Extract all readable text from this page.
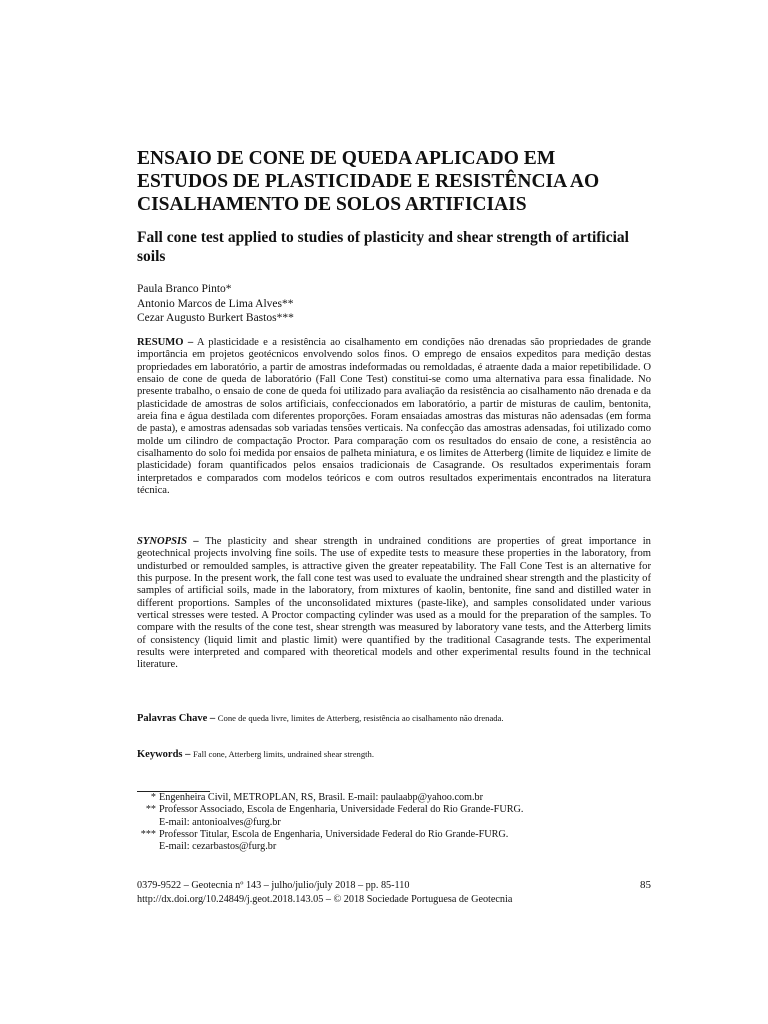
ENSAIO DE CONE DE QUEDA APLICADO EM ESTUDOS DE PLASTICIDADE E RESISTÊNCIA AO CISALHAMENTO DE SOLOS ARTIFICIAIS
Fall cone test applied to studies of plasticity and shear strength of artificial soils
Paula Branco Pinto*
Antonio Marcos de Lima Alves**
Cezar Augusto Burkert Bastos***

RESUMO – A plasticidade e a resistência ao cisalhamento em condições não drenadas são propriedades de grande importância em projetos geotécnicos envolvendo solos finos. O emprego de ensaios expeditos para medição destas propriedades em laboratório, a partir de amostras indeformadas ou remoldadas, é atraente dada a maior repetibilidade. O ensaio de cone de queda de laboratório (Fall Cone Test) constitui-se como uma alternativa para essa finalidade. No presente trabalho, o ensaio de cone de queda foi utilizado para avaliação da resistência ao cisalhamento não drenada e da plasticidade de amostras de solos artificiais, confeccionados em laboratório, a partir de misturas de caulim, bentonita, areia fina e água destilada com diferentes proporções. Foram ensaiadas amostras das misturas não adensadas (em forma de pasta), e amostras adensadas sob variadas tensões verticais. Na confecção das amostras adensadas, foi utilizado como molde um cilindro de compactação Proctor. Para comparação com os resultados do ensaio de cone, a resistência ao cisalhamento do solo foi medida por ensaios de palheta miniatura, e os limites de Atterberg (limite de liquidez e limite de plasticidade) foram quantificados pelos ensaios tradicionais de Casagrande. Os resultados experimentais foram interpretados e comparados com modelos teóricos e com outros resultados experimentais encontrados na literatura técnica.

SYNOPSIS – The plasticity and shear strength in undrained conditions are properties of great importance in geotechnical projects involving fine soils. The use of expedite tests to measure these properties in the laboratory, from undisturbed or remoulded samples, is attractive given the greater repeatability. The Fall Cone Test is an alternative for this purpose. In the present work, the fall cone test was used to evaluate the undrained shear strength and the plasticity of samples of artificial soils, made in the laboratory, from mixtures of kaolin, bentonite, fine sand and distilled water in different proportions. Samples of the unconsolidated mixtures (paste-like), and samples consolidated under various vertical stresses were tested. A Proctor compacting cylinder was used as a mould for the preparation of the samples. To compare with the results of the cone test, shear strength was measured by laboratory vane tests, and the Atterberg limits of consistency (liquid limit and plastic limit) were quantified by the traditional Casagrande tests. The experimental results were interpreted and compared with theoretical models and other experimental results found in the technical literature.

Palavras Chave – Cone de queda livre, limites de Atterberg, resistência ao cisalhamento não drenada.
Keywords – Fall cone, Atterberg limits, undrained shear strength.
* Engenheira Civil, METROPLAN, RS, Brasil. E-mail: paulaabp@yahoo.com.br
** Professor Associado, Escola de Engenharia, Universidade Federal do Rio Grande-FURG.
E-mail: antonioalves@furg.br
*** Professor Titular, Escola de Engenharia, Universidade Federal do Rio Grande-FURG.
E-mail: cezarbastos@furg.br
0379-9522 – Geotecnia nº 143 – julho/julio/july 2018 – pp. 85-110	85
http://dx.doi.org/10.24849/j.geot.2018.143.05 – © 2018 Sociedade Portuguesa de Geotecnia
